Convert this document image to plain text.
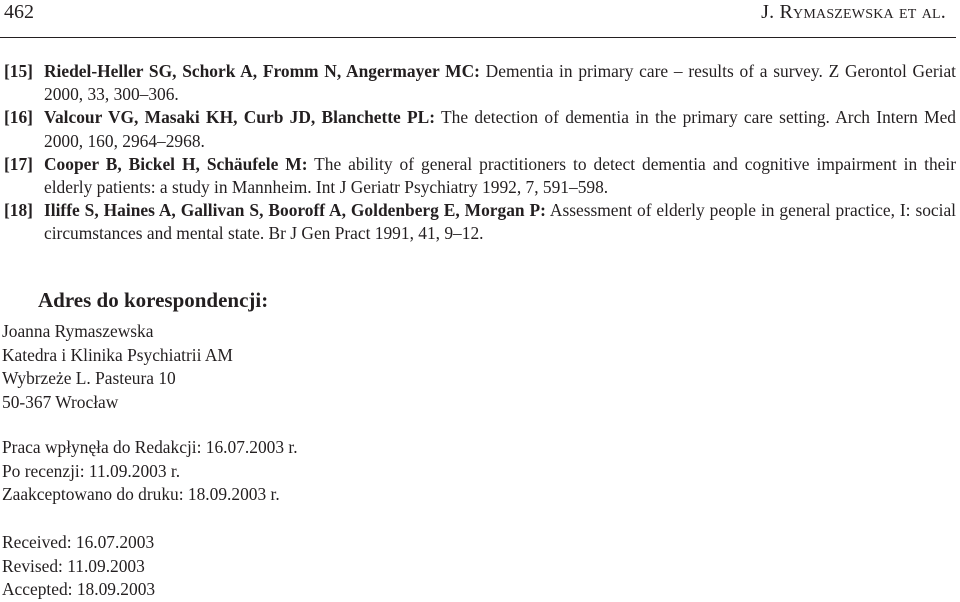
462	J. Rymaszewska et al.
[15] Riedel-Heller SG, Schork A, Fromm N, Angermayer MC: Dementia in primary care – results of a survey. Z Gerontol Geriat 2000, 33, 300–306.
[16] Valcour VG, Masaki KH, Curb JD, Blanchette PL: The detection of dementia in the primary care setting. Arch Intern Med 2000, 160, 2964–2968.
[17] Cooper B, Bickel H, Schäufele M: The ability of general practitioners to detect dementia and cognitive impairment in their elderly patients: a study in Mannheim. Int J Geriatr Psychiatry 1992, 7, 591–598.
[18] Iliffe S, Haines A, Gallivan S, Booroff A, Goldenberg E, Morgan P: Assessment of elderly people in general practice, I: social circumstances and mental state. Br J Gen Pract 1991, 41, 9–12.
Adres do korespondencji:
Joanna Rymaszewska
Katedra i Klinika Psychiatrii AM
Wybrzeże L. Pasteura 10
50-367 Wrocław
Praca wpłynęła do Redakcji: 16.07.2003 r.
Po recenzji: 11.09.2003 r.
Zaakceptowano do druku: 18.09.2003 r.
Received: 16.07.2003
Revised: 11.09.2003
Accepted: 18.09.2003
